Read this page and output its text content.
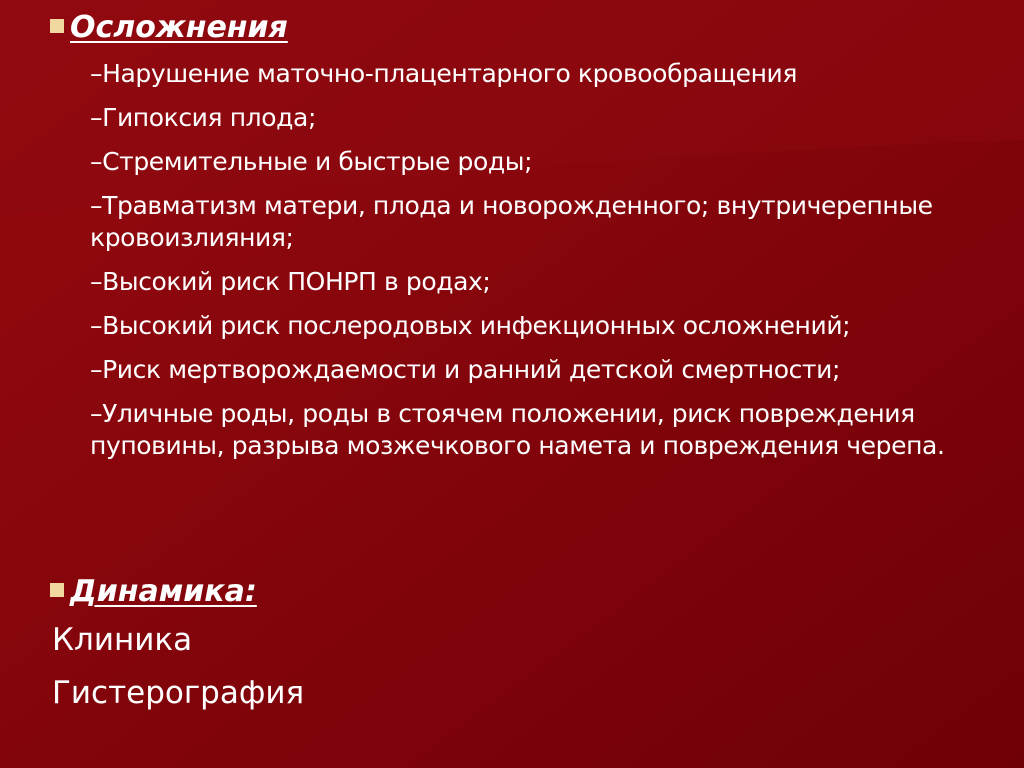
Осложнения
–Нарушение маточно-плацентарного кровообращения
–Гипоксия плода;
–Стремительные и быстрые роды;
–Травматизм матери, плода и новорожденного; внутричерепные кровоизлияния;
–Высокий риск ПОНРП в родах;
–Высокий риск послеродовых инфекционных осложнений;
–Риск мертворождаемости и ранний детской смертности;
–Уличные роды, роды в стоячем положении, риск повреждения пуповины, разрыва мозжечкового намета и повреждения черепа.
Динамика:
Клиника
Гистерография
